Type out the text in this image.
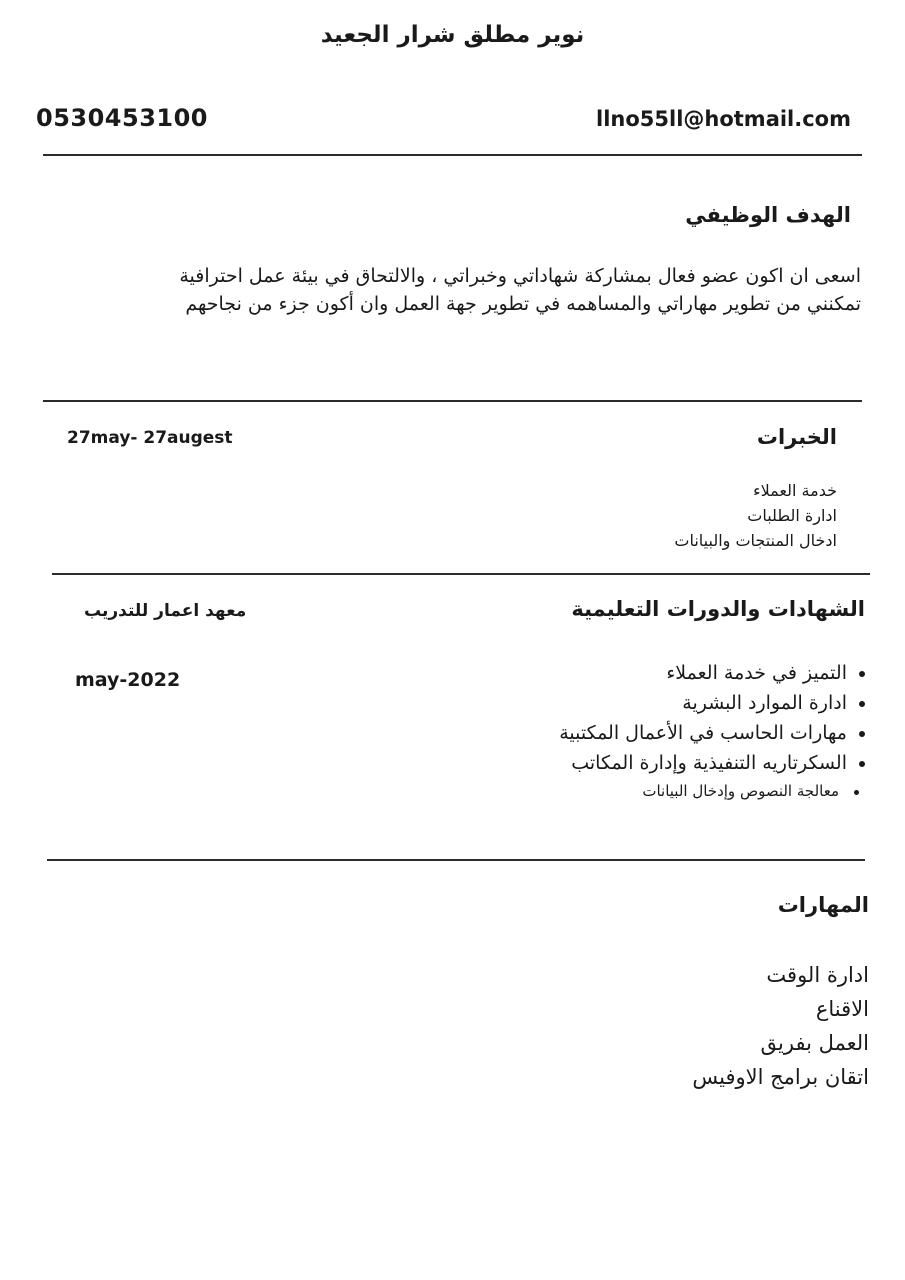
نوير مطلق شرار الجعيد
0530453100	llno55ll@hotmail.com
الهدف الوظيفي
اسعى ان اكون عضو فعال بمشاركة شهاداتي وخبراتي ، والالتحاق في بيئة عمل احترافية تمكنني من تطوير مهاراتي والمساهمه في تطوير جهة العمل وان أكون جزء من نجاحهم
الخبرات
27may- 27augest
خدمة العملاء
ادارة الطلبات
ادخال المنتجات والبيانات
الشهادات والدورات التعليمية
معهد اعمار للتدريب
may-2022	التميز في خدمة العملاء
ادارة الموارد البشرية
مهارات الحاسب في الأعمال المكتبية
السكرتاريه التنفيذية وإدارة المكاتب
معالجة النصوص وإدخال البيانات
المهارات
ادارة الوقت
الاقناع
العمل بفريق
اتقان برامج الاوفيس
